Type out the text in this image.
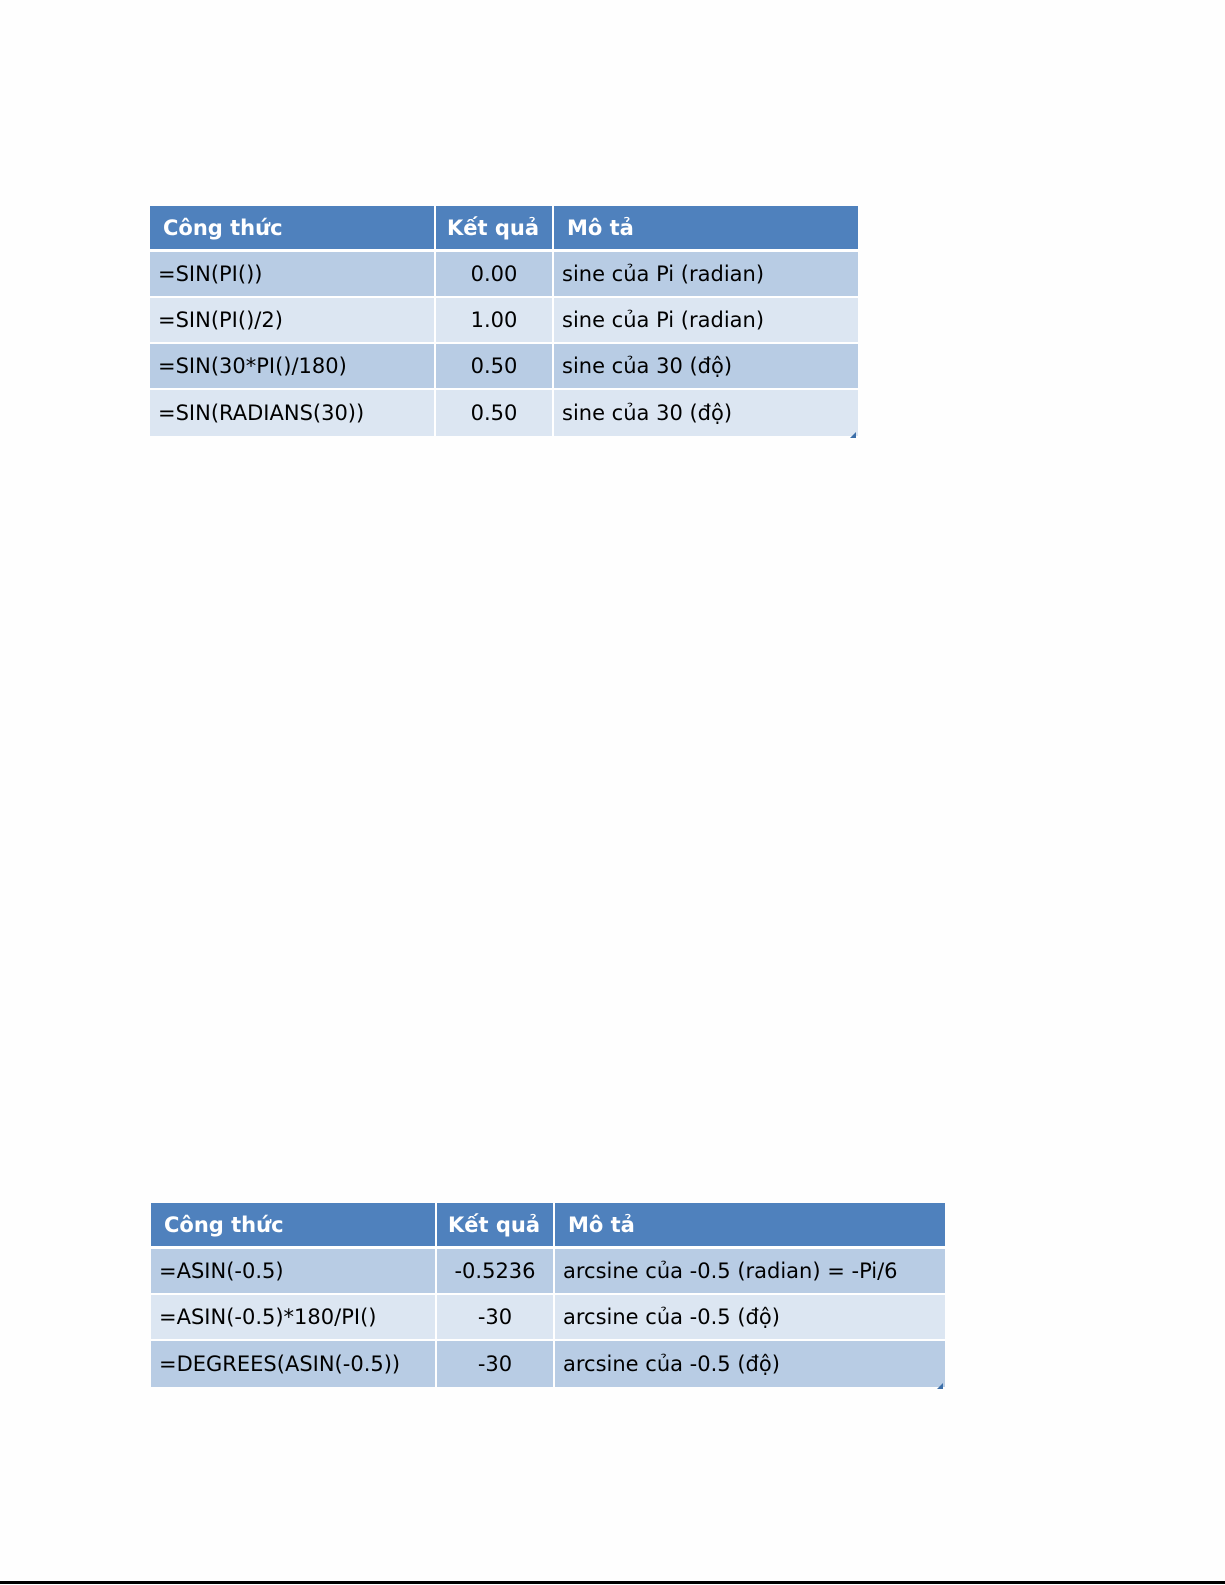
Công thức	Kết quả	Mô tả
=SIN(PI())	0.00	sine của Pi (radian)
=SIN(PI()/2)	1.00	sine của Pi (radian)
=SIN(30*PI()/180)	0.50	sine của 30 (độ)
=SIN(RADIANS(30))	0.50	sine của 30 (độ)
Công thức	Kết quả	Mô tả
=ASIN(-0.5)	-0.5236	arcsine của -0.5 (radian) = -Pi/6
=ASIN(-0.5)*180/PI()	-30	arcsine của -0.5 (độ)
=DEGREES(ASIN(-0.5))	-30	arcsine của -0.5 (độ)
